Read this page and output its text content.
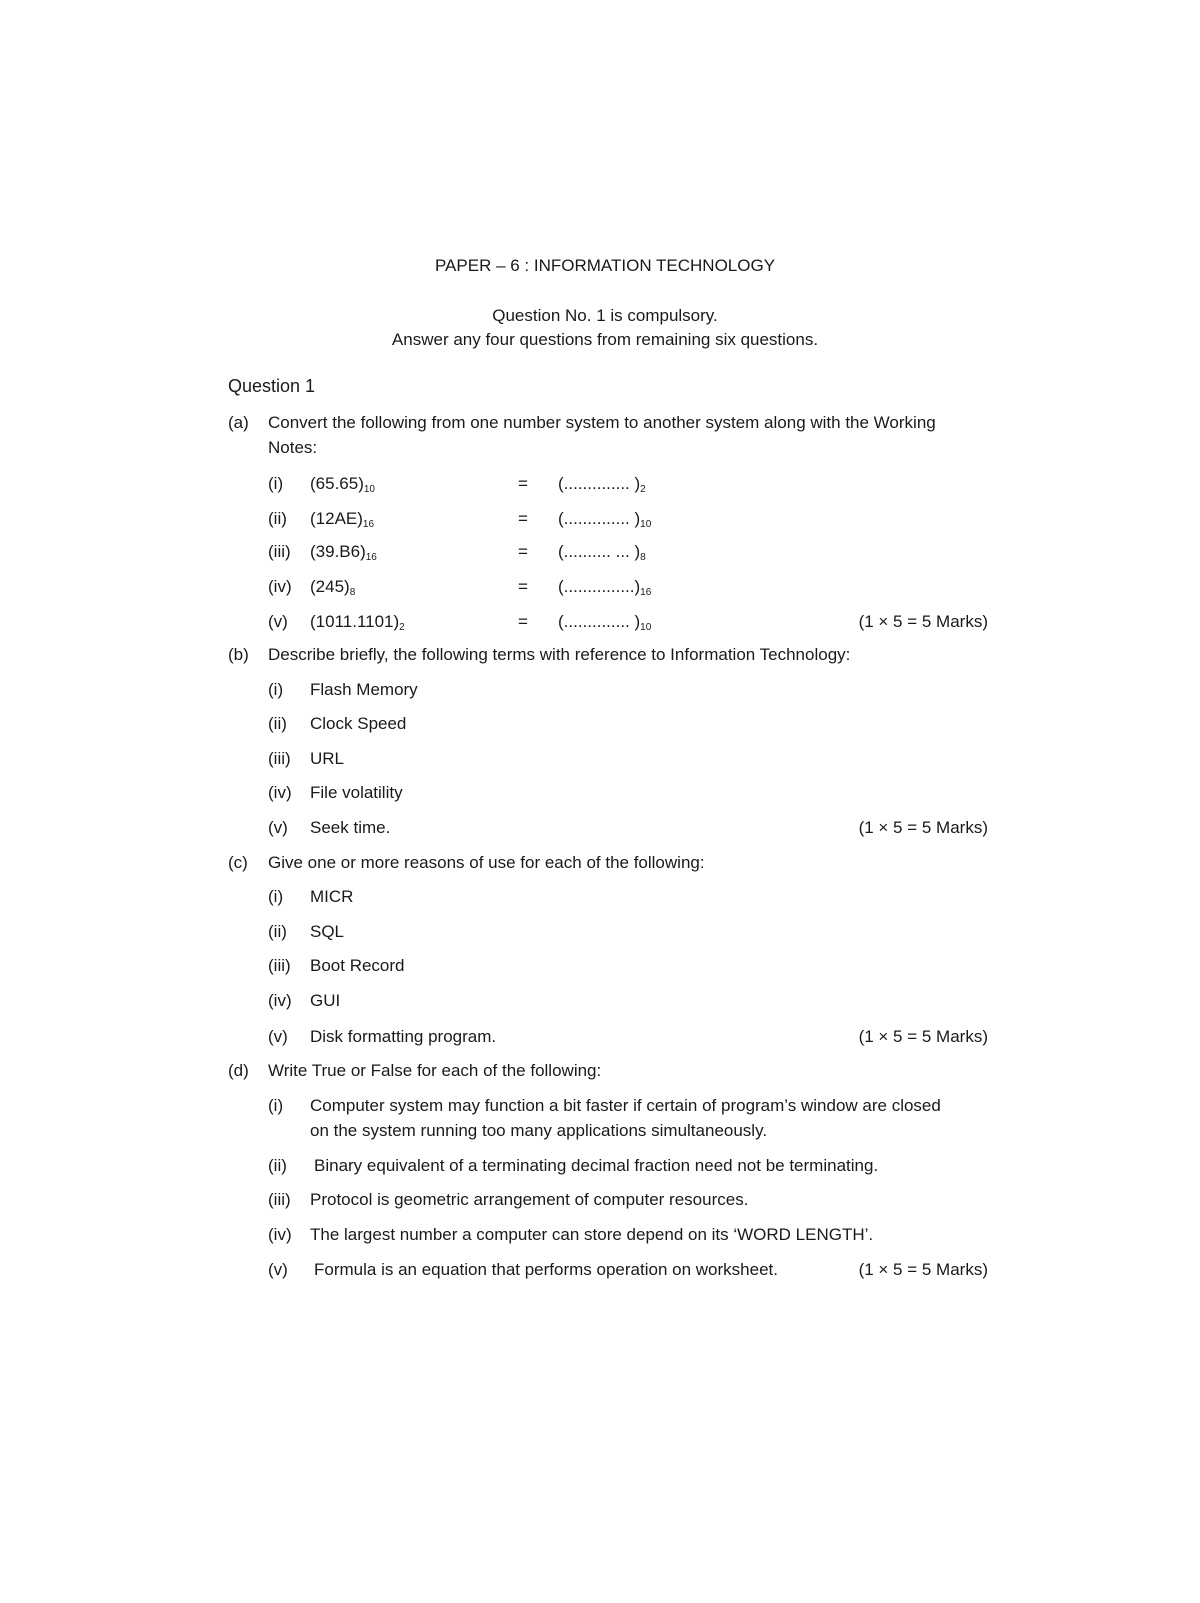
PAPER – 6 : INFORMATION TECHNOLOGY
Question No. 1 is compulsory.
Answer any four questions from remaining six questions.
Question 1
(a) Convert the following from one number system to another system along with the Working
Notes:
(i) $(65.65)_{10}$	= (.............. )$_2$
(ii) $(12AE)_{16}$	= (.............. )$_{10}$
(iii) $(39.B6)_{16}$	= (.......... ... )$_8$
(iv) $(245)_8$	= $(...............)_{16}$
(v) $(1011.1101)_2$	= (.............. )$_{10}$	(1 × 5 = 5 Marks)
(b) Describe briefly, the following terms with reference to Information Technology:
(i) Flash Memory
(ii) Clock Speed
(iii) URL
(iv) File volatility
(v) Seek time.	(1 × 5 = 5 Marks)
(c) Give one or more reasons of use for each of the following:
(i) MICR
(ii) SQL
(iii) Boot Record
(iv) GUI
(v) Disk formatting program.	(1 × 5 = 5 Marks)
(d) Write True or False for each of the following:
(i) Computer system may function a bit faster if certain of program’s window are closed
on the system running too many applications simultaneously.
(ii) Binary equivalent of a terminating decimal fraction need not be terminating.
(iii) Protocol is geometric arrangement of computer resources.
(iv) The largest number a computer can store depend on its ‘WORD LENGTH’.
(v) Formula is an equation that performs operation on worksheet.	(1 × 5 = 5 Marks)
